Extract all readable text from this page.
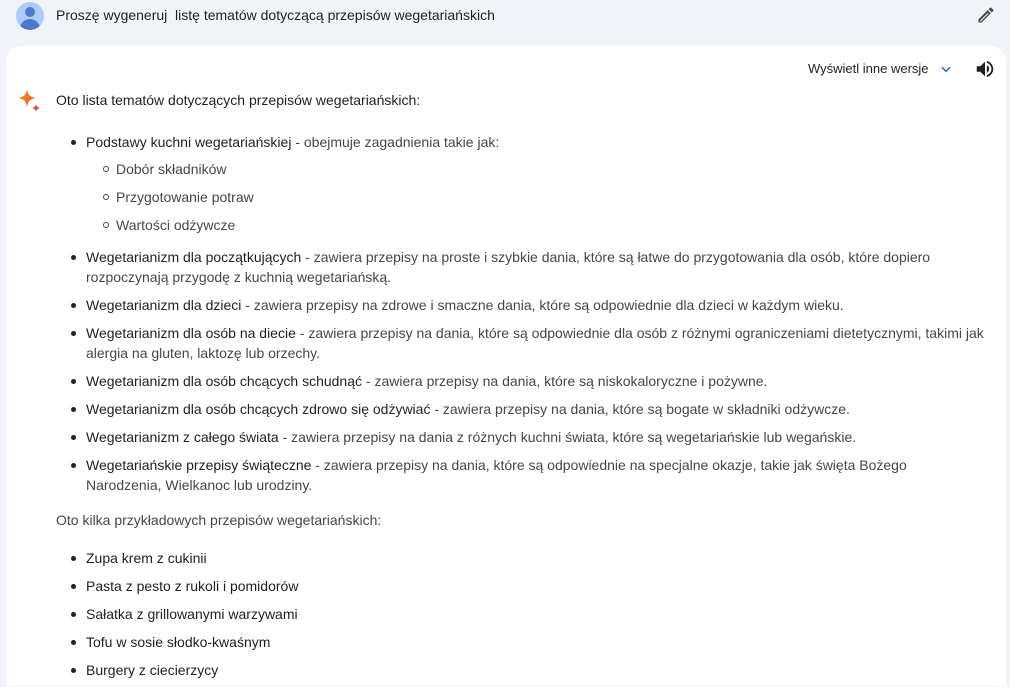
Proszę wygeneruj  listę tematów dotyczącą przepisów wegetariańskich
Wyświetl inne wersje
Oto lista tematów dotyczących przepisów wegetariańskich:
Podstawy kuchni wegetariańskiej - obejmuje zagadnienia takie jak:
Dobór składników
Przygotowanie potraw
Wartości odżywcze
Wegetarianizm dla początkujących - zawiera przepisy na proste i szybkie dania, które są łatwe do przygotowania dla osób, które dopiero rozpoczynają przygodę z kuchnią wegetariańską.
Wegetarianizm dla dzieci - zawiera przepisy na zdrowe i smaczne dania, które są odpowiednie dla dzieci w każdym wieku.
Wegetarianizm dla osób na diecie - zawiera przepisy na dania, które są odpowiednie dla osób z różnymi ograniczeniami dietetycznymi, takimi jak alergia na gluten, laktozę lub orzechy.
Wegetarianizm dla osób chcących schudnąć - zawiera przepisy na dania, które są niskokaloryczne i pożywne.
Wegetarianizm dla osób chcących zdrowo się odżywiać - zawiera przepisy na dania, które są bogate w składniki odżywcze.
Wegetarianizm z całego świata - zawiera przepisy na dania z różnych kuchni świata, które są wegetariańskie lub wegańskie.
Wegetariańskie przepisy świąteczne - zawiera przepisy na dania, które są odpowiednie na specjalne okazje, takie jak święta Bożego Narodzenia, Wielkanoc lub urodziny.
Oto kilka przykładowych przepisów wegetariańskich:
Zupa krem z cukinii
Pasta z pesto z rukoli i pomidorów
Sałatka z grillowanymi warzywami
Tofu w sosie słodko-kwaśnym
Burgery z ciecierzycy
